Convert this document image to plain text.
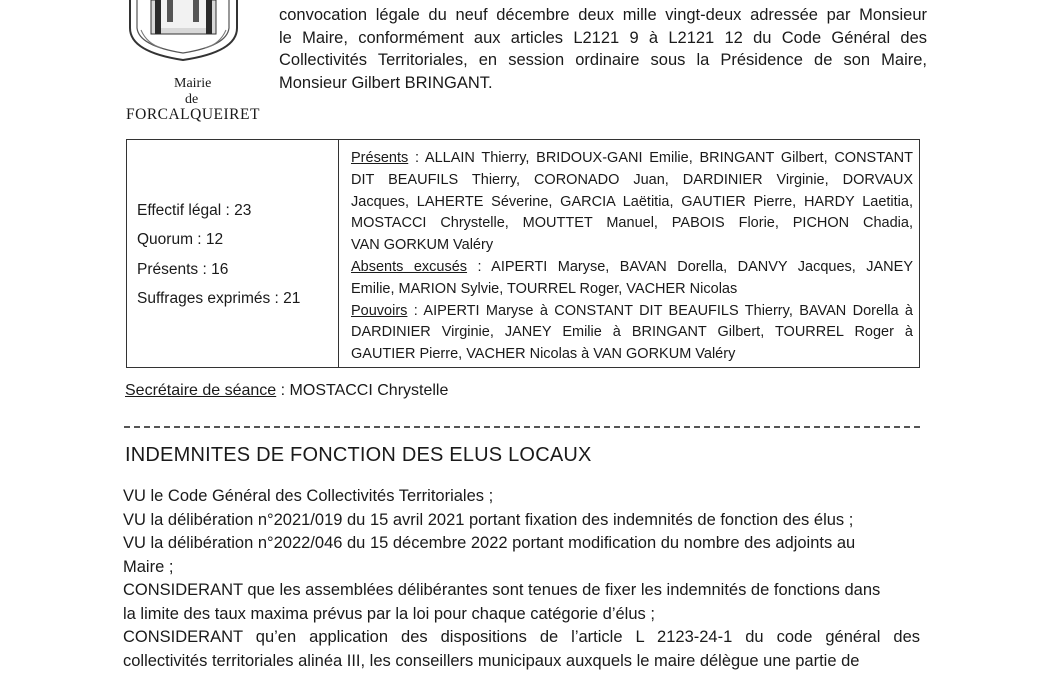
Mairie
de
FORCALQUEIRET
convocation légale du neuf décembre deux mille vingt-deux adressée par Monsieur
le Maire, conformément aux articles L2121 9 à L2121 12 du Code Général des
Collectivités Territoriales, en session ordinaire sous la Présidence de son Maire,
Monsieur Gilbert BRINGANT.
Effectif légal : 23
Quorum : 12
Présents : 16
Suffrages exprimés : 21
Présents : ALLAIN Thierry, BRIDOUX-GANI Emilie, BRINGANT Gilbert, CONSTANT
DIT BEAUFILS Thierry, CORONADO Juan, DARDINIER Virginie, DORVAUX
Jacques, LAHERTE Séverine, GARCIA Laëtitia, GAUTIER Pierre, HARDY Laetitia,
MOSTACCI Chrystelle, MOUTTET Manuel, PABOIS Florie, PICHON Chadia,
VAN GORKUM Valéry
Absents excusés : AIPERTI Maryse, BAVAN Dorella, DANVY Jacques, JANEY
Emilie, MARION Sylvie, TOURREL Roger, VACHER Nicolas
Pouvoirs : AIPERTI Maryse à CONSTANT DIT BEAUFILS Thierry, BAVAN Dorella à
DARDINIER Virginie, JANEY Emilie à BRINGANT Gilbert, TOURREL Roger à
GAUTIER Pierre, VACHER Nicolas à VAN GORKUM Valéry
Secrétaire de séance : MOSTACCI Chrystelle
INDEMNITES DE FONCTION DES ELUS LOCAUX
VU le Code Général des Collectivités Territoriales ;
VU la délibération n°2021/019 du 15 avril 2021 portant fixation des indemnités de fonction des élus ;
VU la délibération n°2022/046 du 15 décembre 2022 portant modification du nombre des adjoints au
Maire ;
CONSIDERANT que les assemblées délibérantes sont tenues de fixer les indemnités de fonctions dans
la limite des taux maxima prévus par la loi pour chaque catégorie d’élus ;
CONSIDERANT qu’en application des dispositions de l’article L 2123-24-1 du code général des
collectivités territoriales alinéa III, les conseillers municipaux auxquels le maire délègue une partie de
